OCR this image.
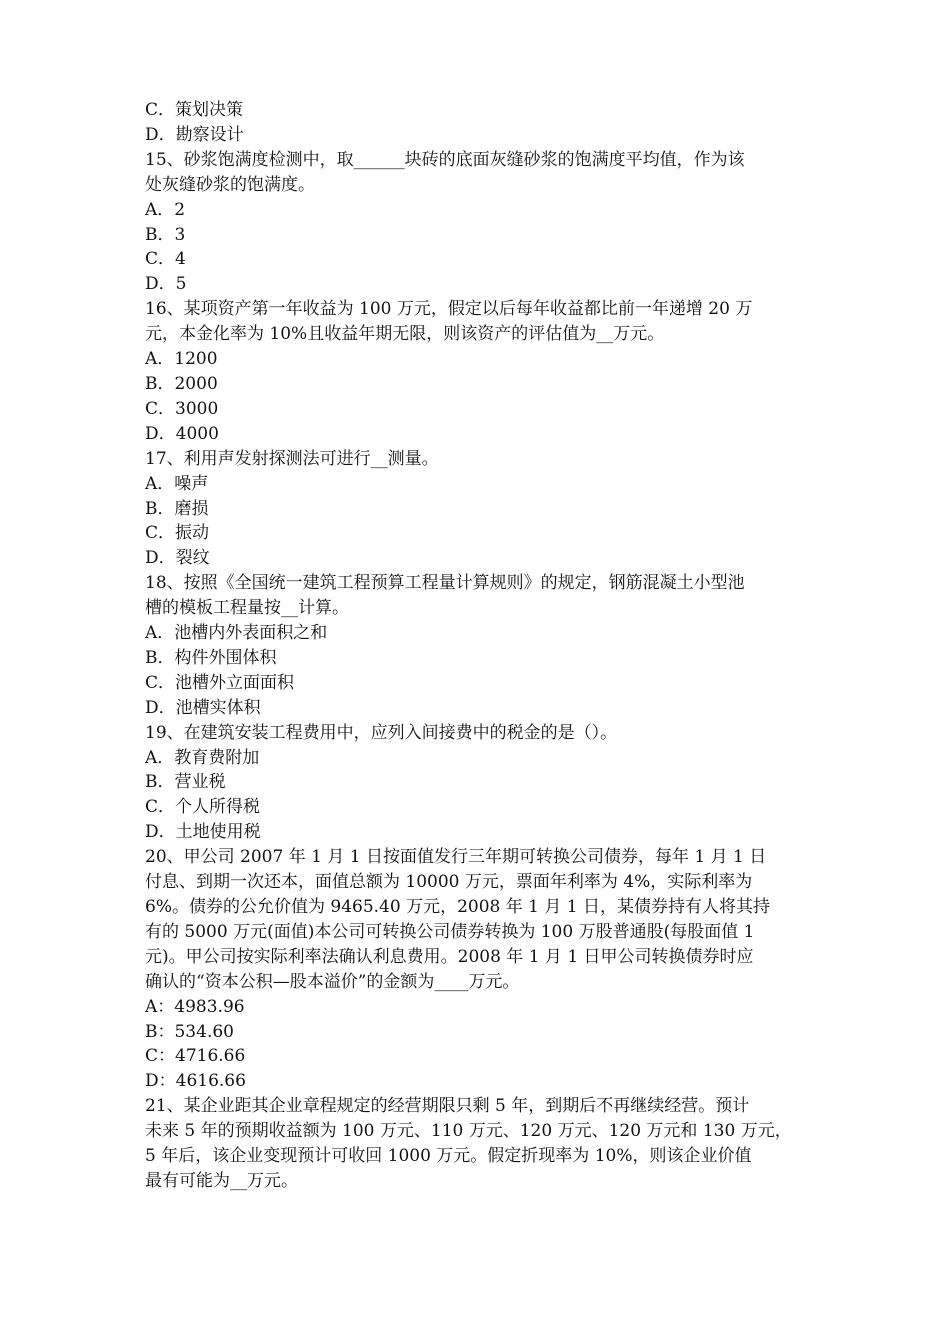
C．策划决策
D．勘察设计
15、砂浆饱满度检测中，取______块砖的底面灰缝砂浆的饱满度平均值，作为该
处灰缝砂浆的饱满度。
A．2
B．3
C．4
D．5
16、某项资产第一年收益为 100 万元，假定以后每年收益都比前一年递增 20 万
元，本金化率为 10%且收益年期无限，则该资产的评估值为__万元。
A．1200
B．2000
C．3000
D．4000
17、利用声发射探测法可进行__测量。
A．噪声
B．磨损
C．振动
D．裂纹
18、按照《全国统一建筑工程预算工程量计算规则》的规定，钢筋混凝土小型池
槽的模板工程量按__计算。
A．池槽内外表面积之和
B．构件外围体积
C．池槽外立面面积
D．池槽实体积
19、在建筑安装工程费用中，应列入间接费中的税金的是（）。
A．教育费附加
B．营业税
C．个人所得税
D．土地使用税
20、甲公司 2007 年 1 月 1 日按面值发行三年期可转换公司债券，每年 1 月 1 日
付息、到期一次还本，面值总额为 10000 万元，票面年利率为 4%，实际利率为
6%。债券的公允价值为 9465.40 万元，2008 年 1 月 1 日，某债券持有人将其持
有的 5000 万元(面值)本公司可转换公司债券转换为 100 万股普通股(每股面值 1
元)。甲公司按实际利率法确认利息费用。2008 年 1 月 1 日甲公司转换债券时应
确认的“资本公积—股本溢价”的金额为____万元。
A：4983.96
B：534.60
C：4716.66
D：4616.66
21、某企业距其企业章程规定的经营期限只剩 5 年，到期后不再继续经营。预计
未来 5 年的预期收益额为 100 万元、110 万元、120 万元、120 万元和 130 万元，
5 年后，该企业变现预计可收回 1000 万元。假定折现率为 10%，则该企业价值
最有可能为__万元。
